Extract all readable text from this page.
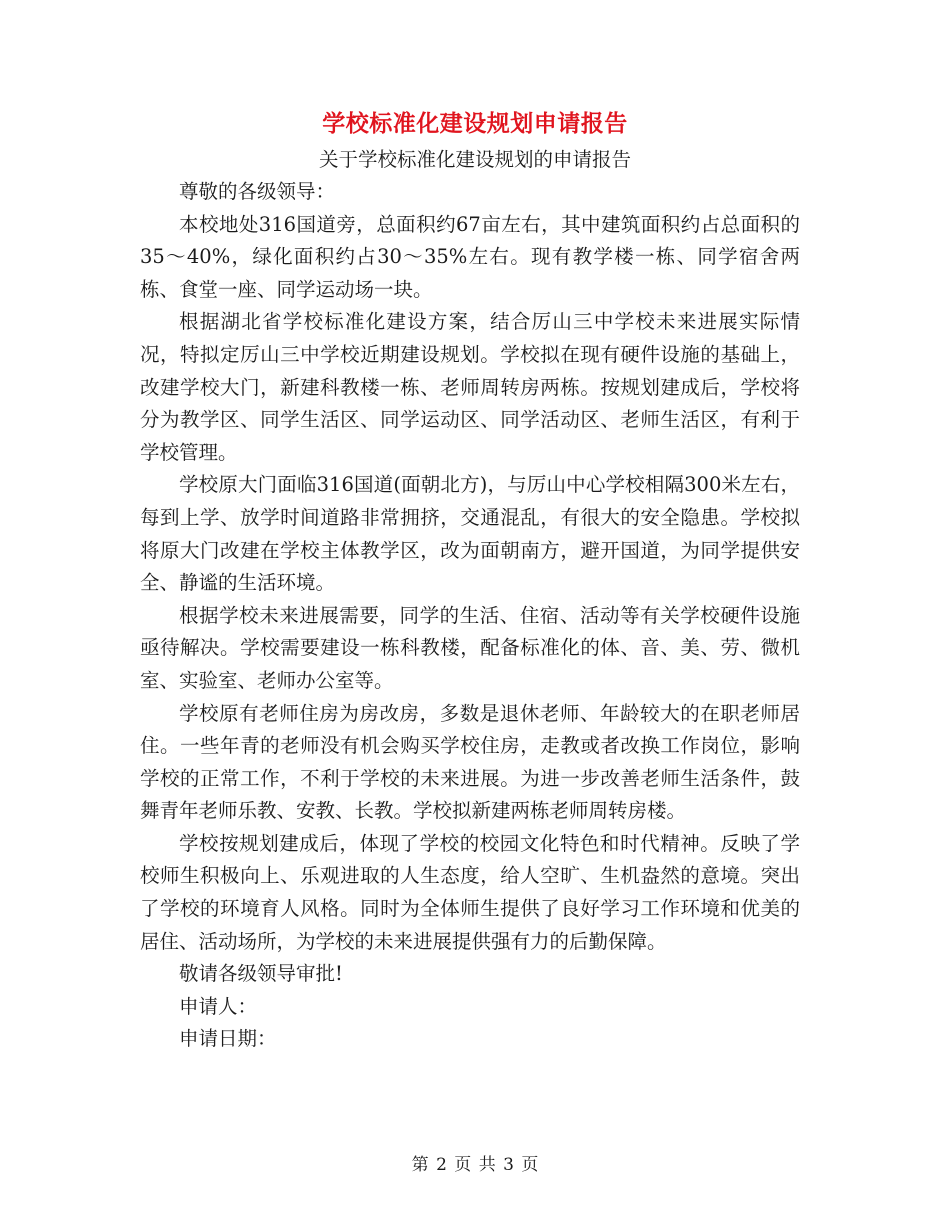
学校标准化建设规划申请报告
关于学校标准化建设规划的申请报告

尊敬的各级领导：

本校地处316国道旁，总面积约67亩左右，其中建筑面积约占总面积的35～40%，绿化面积约占30～35%左右。现有教学楼一栋、同学宿舍两栋、食堂一座、同学运动场一块。

根据湖北省学校标准化建设方案，结合厉山三中学校未来进展实际情况，特拟定厉山三中学校近期建设规划。学校拟在现有硬件设施的基础上，改建学校大门，新建科教楼一栋、老师周转房两栋。按规划建成后，学校将分为教学区、同学生活区、同学运动区、同学活动区、老师生活区，有利于学校管理。

学校原大门面临316国道(面朝北方)，与厉山中心学校相隔300米左右，每到上学、放学时间道路非常拥挤，交通混乱，有很大的安全隐患。学校拟将原大门改建在学校主体教学区，改为面朝南方，避开国道，为同学提供安全、静谧的生活环境。

根据学校未来进展需要，同学的生活、住宿、活动等有关学校硬件设施亟待解决。学校需要建设一栋科教楼，配备标准化的体、音、美、劳、微机室、实验室、老师办公室等。

学校原有老师住房为房改房，多数是退休老师、年龄较大的在职老师居住。一些年青的老师没有机会购买学校住房，走教或者改换工作岗位，影响学校的正常工作，不利于学校的未来进展。为进一步改善老师生活条件，鼓舞青年老师乐教、安教、长教。学校拟新建两栋老师周转房楼。

学校按规划建成后，体现了学校的校园文化特色和时代精神。反映了学校师生积极向上、乐观进取的人生态度，给人空旷、生机盎然的意境。突出了学校的环境育人风格。同时为全体师生提供了良好学习工作环境和优美的居住、活动场所，为学校的未来进展提供强有力的后勤保障。

敬请各级领导审批!

申请人：

申请日期：

第 2 页 共 3 页
